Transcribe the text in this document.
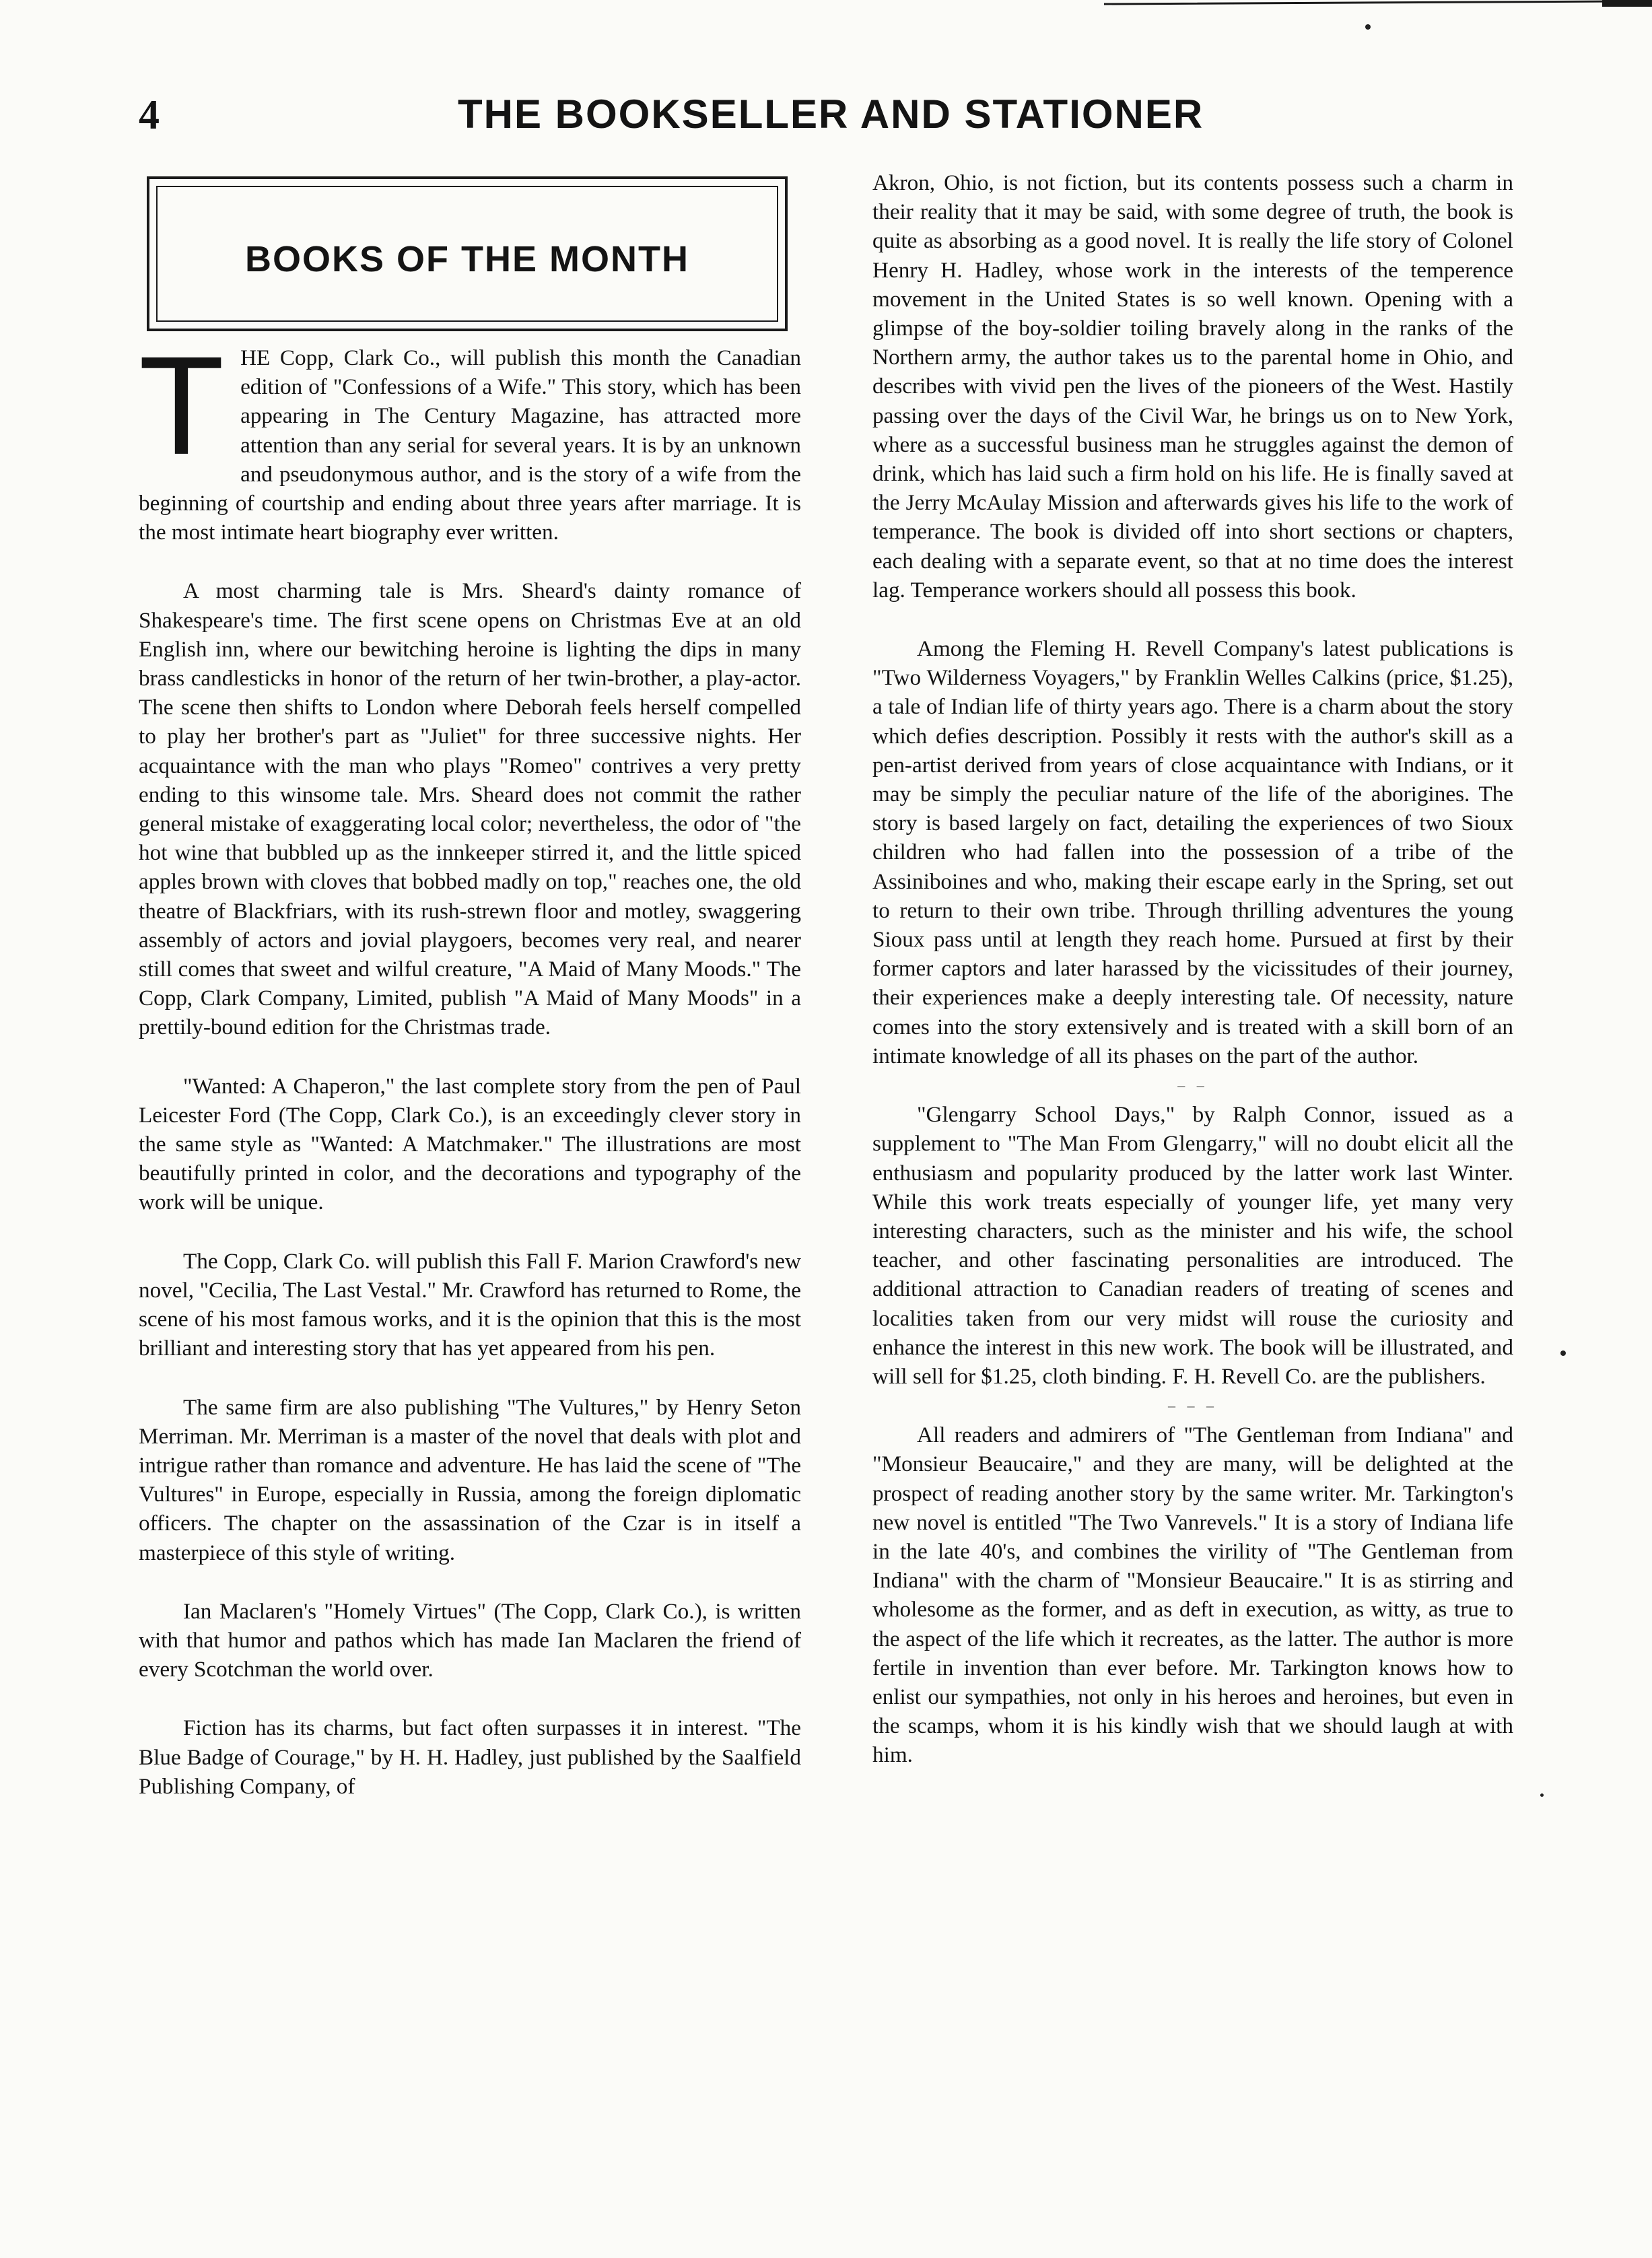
4	THE BOOKSELLER AND STATIONER
BOOKS OF THE MONTH

THE Copp, Clark Co., will publish this month the Canadian edition of "Confessions of a Wife." This story, which has been appearing in The Century Magazine, has attracted more attention than any serial for several years. It is by an unknown and pseudonymous author, and is the story of a wife from the beginning of courtship and ending about three years after marriage. It is the most intimate heart biography ever written.

A most charming tale is Mrs. Sheard's dainty romance of Shakespeare's time. The first scene opens on Christmas Eve at an old English inn, where our bewitching heroine is lighting the dips in many brass candlesticks in honor of the return of her twin-brother, a play-actor. The scene then shifts to London where Deborah feels herself compelled to play her brother's part as "Juliet" for three successive nights. Her acquaintance with the man who plays "Romeo" contrives a very pretty ending to this winsome tale. Mrs. Sheard does not commit the rather general mistake of exaggerating local color; nevertheless, the odor of "the hot wine that bubbled up as the innkeeper stirred it, and the little spiced apples brown with cloves that bobbed madly on top," reaches one, the old theatre of Blackfriars, with its rush-strewn floor and motley, swaggering assembly of actors and jovial playgoers, becomes very real, and nearer still comes that sweet and wilful creature, "A Maid of Many Moods." The Copp, Clark Company, Limited, publish "A Maid of Many Moods" in a prettily-bound edition for the Christmas trade.

"Wanted: A Chaperon," the last complete story from the pen of Paul Leicester Ford (The Copp, Clark Co.), is an exceedingly clever story in the same style as "Wanted: A Matchmaker." The illustrations are most beautifully printed in color, and the decorations and typography of the work will be unique.

The Copp, Clark Co. will publish this Fall F. Marion Crawford's new novel, "Cecilia, The Last Vestal." Mr. Crawford has returned to Rome, the scene of his most famous works, and it is the opinion that this is the most brilliant and interesting story that has yet appeared from his pen.

The same firm are also publishing "The Vultures," by Henry Seton Merriman. Mr. Merriman is a master of the novel that deals with plot and intrigue rather than romance and adventure. He has laid the scene of "The Vultures" in Europe, especially in Russia, among the foreign diplomatic officers. The chapter on the assassination of the Czar is in itself a masterpiece of this style of writing.

Ian Maclaren's "Homely Virtues" (The Copp, Clark Co.), is written with that humor and pathos which has made Ian Maclaren the friend of every Scotchman the world over.

Fiction has its charms, but fact often surpasses it in interest. "The Blue Badge of Courage," by H. H. Hadley, just published by the Saalfield Publishing Company, of

Akron, Ohio, is not fiction, but its contents possess such a charm in their reality that it may be said, with some degree of truth, the book is quite as absorbing as a good novel. It is really the life story of Colonel Henry H. Hadley, whose work in the interests of the temperence movement in the United States is so well known. Opening with a glimpse of the boy-soldier toiling bravely along in the ranks of the Northern army, the author takes us to the parental home in Ohio, and describes with vivid pen the lives of the pioneers of the West. Hastily passing over the days of the Civil War, he brings us on to New York, where as a successful business man he struggles against the demon of drink, which has laid such a firm hold on his life. He is finally saved at the Jerry McAulay Mission and afterwards gives his life to the work of temperance. The book is divided off into short sections or chapters, each dealing with a separate event, so that at no time does the interest lag. Temperance workers should all possess this book.

Among the Fleming H. Revell Company's latest publications is "Two Wilderness Voyagers," by Franklin Welles Calkins (price, $1.25), a tale of Indian life of thirty years ago. There is a charm about the story which defies description. Possibly it rests with the author's skill as a pen-artist derived from years of close acquaintance with Indians, or it may be simply the peculiar nature of the life of the aborigines. The story is based largely on fact, detailing the experiences of two Sioux children who had fallen into the possession of a tribe of the Assiniboines and who, making their escape early in the Spring, set out to return to their own tribe. Through thrilling adventures the young Sioux pass until at length they reach home. Pursued at first by their former captors and later harassed by the vicissitudes of their journey, their experiences make a deeply interesting tale. Of necessity, nature comes into the story extensively and is treated with a skill born of an intimate knowledge of all its phases on the part of the author.

– –

"Glengarry School Days," by Ralph Connor, issued as a supplement to "The Man From Glengarry," will no doubt elicit all the enthusiasm and popularity produced by the latter work last Winter. While this work treats especially of younger life, yet many very interesting characters, such as the minister and his wife, the school teacher, and other fascinating personalities are introduced. The additional attraction to Canadian readers of treating of scenes and localities taken from our very midst will rouse the curiosity and enhance the interest in this new work. The book will be illustrated, and will sell for $1.25, cloth binding. F. H. Revell Co. are the publishers.

– – –

All readers and admirers of "The Gentleman from Indiana" and "Monsieur Beaucaire," and they are many, will be delighted at the prospect of reading another story by the same writer. Mr. Tarkington's new novel is entitled "The Two Vanrevels." It is a story of Indiana life in the late 40's, and combines the virility of "The Gentleman from Indiana" with the charm of "Monsieur Beaucaire." It is as stirring and wholesome as the former, and as deft in execution, as witty, as true to the aspect of the life which it recreates, as the latter. The author is more fertile in invention than ever before. Mr. Tarkington knows how to enlist our sympathies, not only in his heroes and heroines, but even in the scamps, whom it is his kindly wish that we should laugh at with him.
